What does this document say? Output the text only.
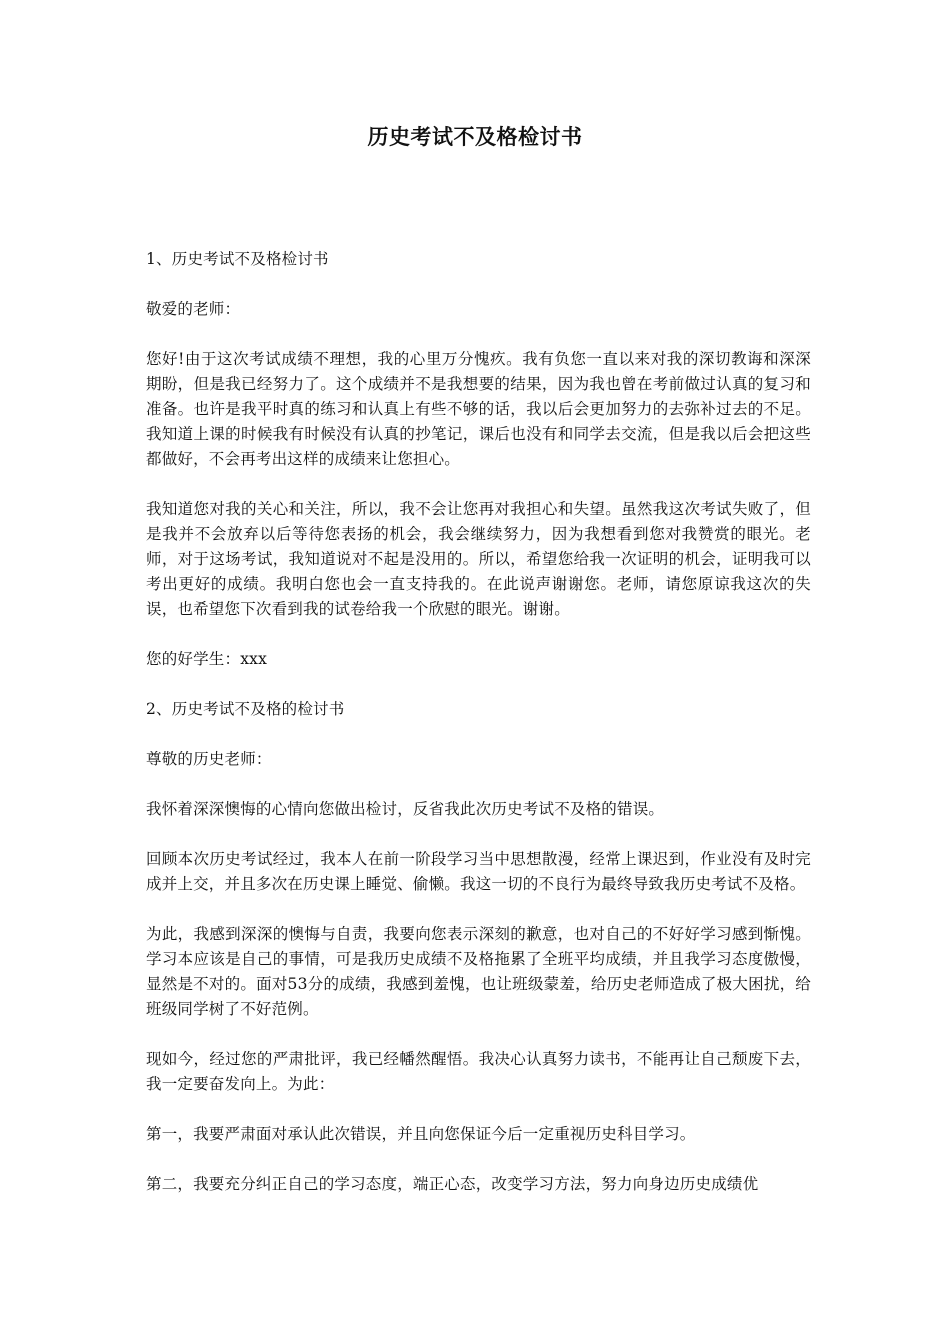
历史考试不及格检讨书

1、历史考试不及格检讨书

敬爱的老师：

您好!由于这次考试成绩不理想，我的心里万分愧疚。我有负您一直以来对我的深切教诲和深深期盼，但是我已经努力了。这个成绩并不是我想要的结果，因为我也曾在考前做过认真的复习和准备。也许是我平时真的练习和认真上有些不够的话，我以后会更加努力的去弥补过去的不足。我知道上课的时候我有时候没有认真的抄笔记，课后也没有和同学去交流，但是我以后会把这些都做好，不会再考出这样的成绩来让您担心。

我知道您对我的关心和关注，所以，我不会让您再对我担心和失望。虽然我这次考试失败了，但是我并不会放弃以后等待您表扬的机会，我会继续努力，因为我想看到您对我赞赏的眼光。老师，对于这场考试，我知道说对不起是没用的。所以，希望您给我一次证明的机会，证明我可以考出更好的成绩。我明白您也会一直支持我的。在此说声谢谢您。老师，请您原谅我这次的失误，也希望您下次看到我的试卷给我一个欣慰的眼光。谢谢。

您的好学生：xxx

2、历史考试不及格的检讨书

尊敬的历史老师：

我怀着深深懊悔的心情向您做出检讨，反省我此次历史考试不及格的错误。

回顾本次历史考试经过，我本人在前一阶段学习当中思想散漫，经常上课迟到，作业没有及时完成并上交，并且多次在历史课上睡觉、偷懒。我这一切的不良行为最终导致我历史考试不及格。

为此，我感到深深的懊悔与自责，我要向您表示深刻的歉意，也对自己的不好好学习感到惭愧。学习本应该是自己的事情，可是我历史成绩不及格拖累了全班平均成绩，并且我学习态度傲慢，显然是不对的。面对53分的成绩，我感到羞愧，也让班级蒙羞，给历史老师造成了极大困扰，给班级同学树了不好范例。

现如今，经过您的严肃批评，我已经幡然醒悟。我决心认真努力读书，不能再让自己颓废下去，我一定要奋发向上。为此：

第一，我要严肃面对承认此次错误，并且向您保证今后一定重视历史科目学习。

第二，我要充分纠正自己的学习态度，端正心态，改变学习方法，努力向身边历史成绩优
